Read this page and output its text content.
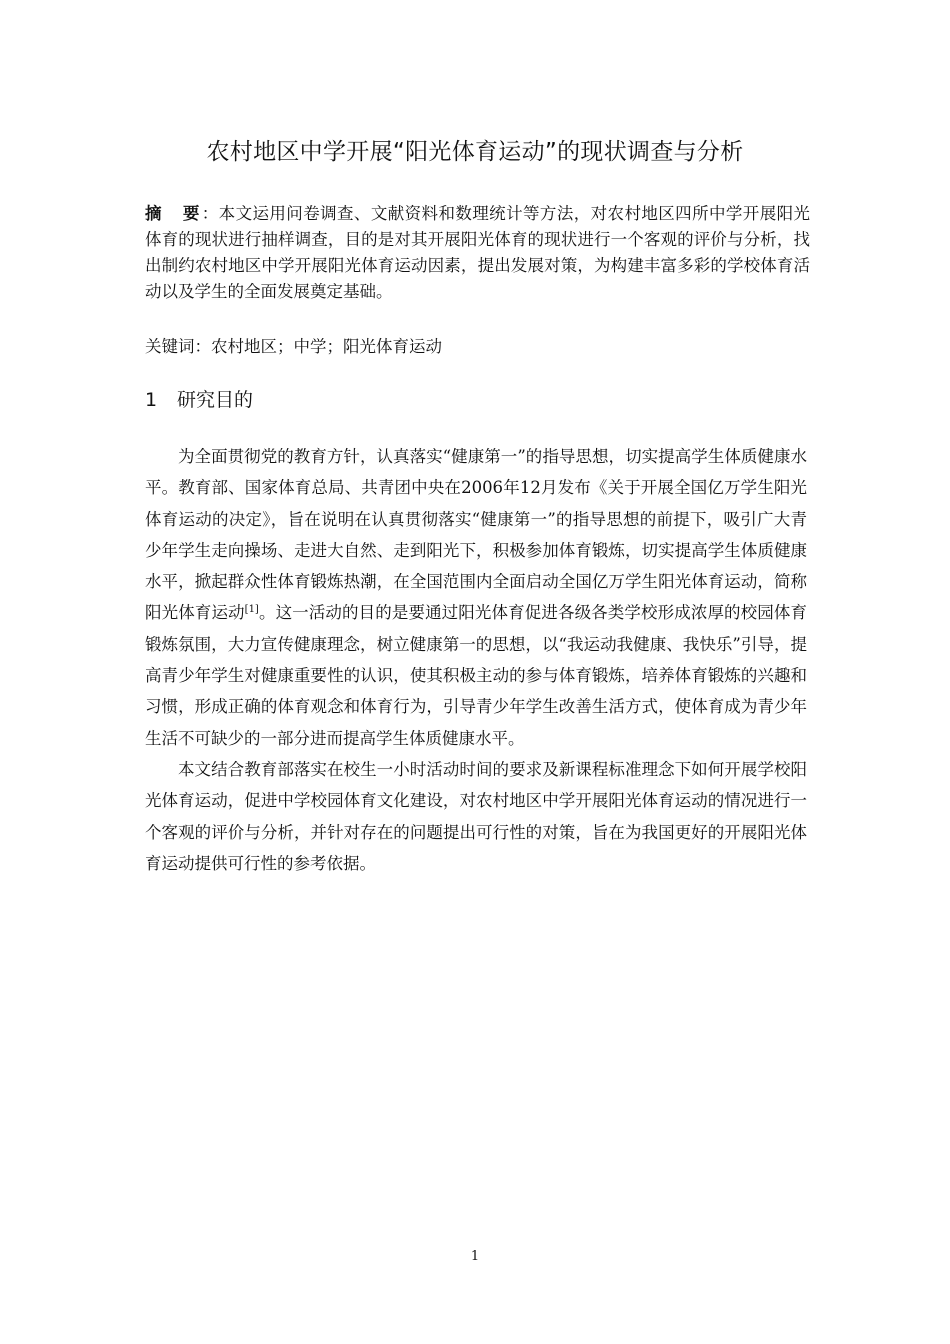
农村地区中学开展“阳光体育运动”的现状调查与分析

摘　要：本文运用问卷调查、文献资料和数理统计等方法，对农村地区四所中学开展阳光体育的现状进行抽样调查，目的是对其开展阳光体育的现状进行一个客观的评价与分析，找出制约农村地区中学开展阳光体育运动因素，提出发展对策，为构建丰富多彩的学校体育活动以及学生的全面发展奠定基础。

关键词：农村地区；中学；阳光体育运动

1 研究目的

为全面贯彻党的教育方针，认真落实“健康第一”的指导思想，切实提高学生体质健康水平。教育部、国家体育总局、共青团中央在2006年12月发布《关于开展全国亿万学生阳光体育运动的决定》，旨在说明在认真贯彻落实“健康第一”的指导思想的前提下，吸引广大青少年学生走向操场、走进大自然、走到阳光下，积极参加体育锻炼，切实提高学生体质健康水平，掀起群众性体育锻炼热潮，在全国范围内全面启动全国亿万学生阳光体育运动，简称阳光体育运动[1]。这一活动的目的是要通过阳光体育促进各级各类学校形成浓厚的校园体育锻炼氛围，大力宣传健康理念，树立健康第一的思想，以“我运动我健康、我快乐”引导，提高青少年学生对健康重要性的认识，使其积极主动的参与体育锻炼，培养体育锻炼的兴趣和习惯，形成正确的体育观念和体育行为，引导青少年学生改善生活方式，使体育成为青少年生活不可缺少的一部分进而提高学生体质健康水平。

本文结合教育部落实在校生一小时活动时间的要求及新课程标准理念下如何开展学校阳光体育运动，促进中学校园体育文化建设，对农村地区中学开展阳光体育运动的情况进行一个客观的评价与分析，并针对存在的问题提出可行性的对策，旨在为我国更好的开展阳光体育运动提供可行性的参考依据。

1
